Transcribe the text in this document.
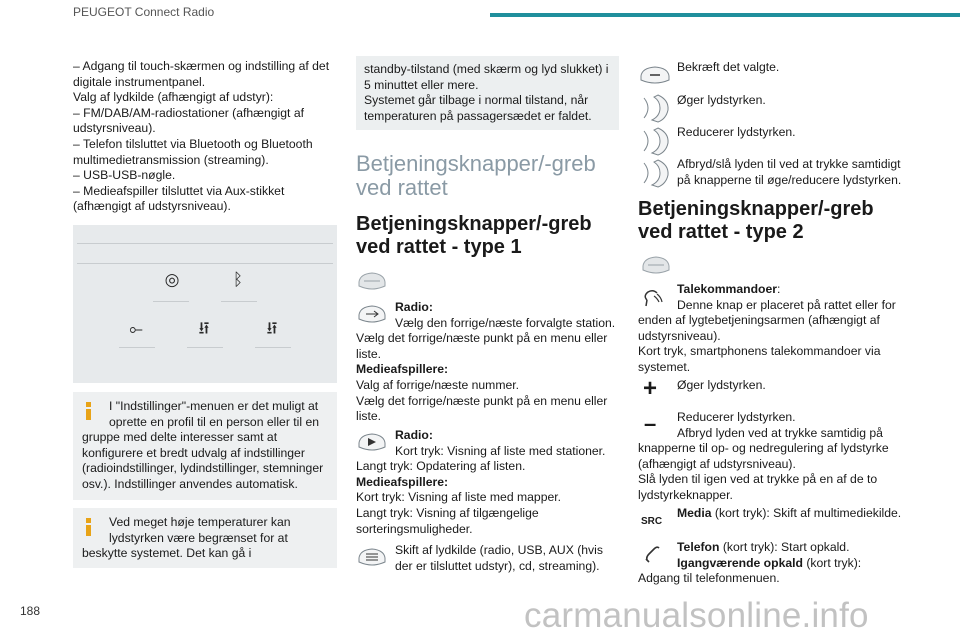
PEUGEOT Connect Radio

– Adgang til touch-skærmen og indstilling af det

digitale instrumentpanel.

Valg af lydkilde (afhængigt af udstyr):

– FM/DAB/AM-radiostationer (afhængigt af

udstyrsniveau).

– Telefon tilsluttet via Bluetooth og Bluetooth

multimedietransmission (streaming).

– USB-USB-nøgle.

– Medieafspiller tilsluttet via Aux-stikket

(afhængigt af udstyrsniveau).

◎	ᛒ
⟜	⭿	⭿

I "Indstillinger"-menuen er det muligt at

oprette en profil til en person eller til en

gruppe med delte interesser samt at

konfigurere et bredt udvalg af indstillinger

(radioindstillinger, lydindstillinger, stemninger

osv.). Indstillinger anvendes automatisk.

Ved meget høje temperaturer kan

lydstyrken være begrænset for at

beskytte systemet. Det kan gå i

standby-tilstand (med skærm og lyd slukket) i

5 minuttet eller mere.

Systemet går tilbage i normal tilstand, når

temperaturen på passagersædet er faldet.

Betjeningsknapper/-greb
ved rattet
Betjeningsknapper/-greb
ved rattet - type 1

Radio:

Vælg den forrige/næste forvalgte station.

Vælg det forrige/næste punkt på en menu eller

liste.

Medieafspillere:

Valg af forrige/næste nummer.

Vælg det forrige/næste punkt på en menu eller

liste.

Radio:

Kort tryk: Visning af liste med stationer.

Langt tryk: Opdatering af listen.

Medieafspillere:

Kort tryk: Visning af liste med mapper.

Langt tryk: Visning af tilgængelige

sorteringsmuligheder.

Skift af lydkilde (radio, USB, AUX (hvis

der er tilsluttet udstyr), cd, streaming).

Bekræft det valgte.
Øger lydstyrken.
Reducerer lydstyrken.

Afbryd/slå lyden til ved at trykke samtidigt

på knapperne til øge/reducere lydstyrken.

Betjeningsknapper/-greb
ved rattet - type 2

Talekommandoer:

Denne knap er placeret på rattet eller for

enden af lygtebetjeningsarmen (afhængigt af

udstyrsniveau).

Kort tryk, smartphonens talekommandoer via

systemet.

+ Øger lydstyrken.
–	Reducerer lydstyrken.

Afbryd lyden ved at trykke samtidig på

knapperne til op- og nedregulering af lydstyrke

(afhængigt af udstyrsniveau).

Slå lyden til igen ved at trykke på en af de to

lydstyrkeknapper.

SRC
Media (kort tryk): Skift af multimediekilde.

Telefon (kort tryk): Start opkald.

Igangværende opkald (kort tryk):

Adgang til telefonmenuen.

188	carmanualsonline.info
